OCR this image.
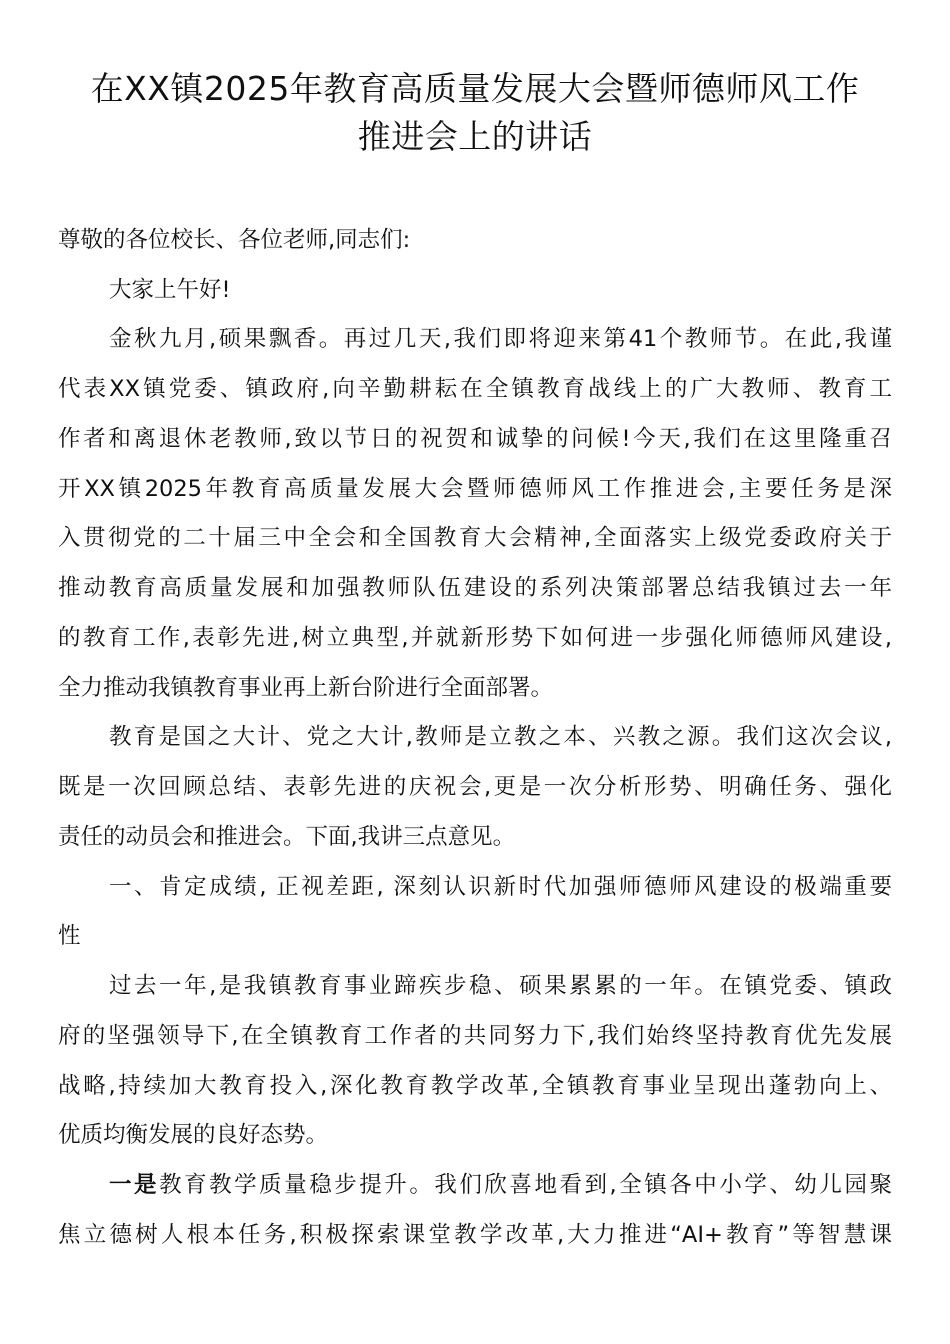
在XX镇2025年教育高质量发展大会暨师德师风工作
推进会上的讲话
尊敬的各位校长、各位老师,同志们:
大家上午好!
金秋九月,硕果飘香。再过几天,我们即将迎来第41个教师节。在此,我谨
代表XX镇党委、镇政府,向辛勤耕耘在全镇教育战线上的广大教师、教育工
作者和离退休老教师,致以节日的祝贺和诚挚的问候!今天,我们在这里隆重召
开XX镇2025年教育高质量发展大会暨师德师风工作推进会,主要任务是深
入贯彻党的二十届三中全会和全国教育大会精神,全面落实上级党委政府关于
推动教育高质量发展和加强教师队伍建设的系列决策部署总结我镇过去一年
的教育工作,表彰先进,树立典型,并就新形势下如何进一步强化师德师风建设,
全力推动我镇教育事业再上新台阶进行全面部署。
教育是国之大计、党之大计,教师是立教之本、兴教之源。我们这次会议,
既是一次回顾总结、表彰先进的庆祝会,更是一次分析形势、明确任务、强化
责任的动员会和推进会。下面,我讲三点意见。
一、肯定成绩, 正视差距, 深刻认识新时代加强师德师风建设的极端重要
性
过去一年,是我镇教育事业蹄疾步稳、硕果累累的一年。在镇党委、镇政
府的坚强领导下,在全镇教育工作者的共同努力下,我们始终坚持教育优先发展
战略,持续加大教育投入,深化教育教学改革,全镇教育事业呈现出蓬勃向上、
优质均衡发展的良好态势。
一是教育教学质量稳步提升。我们欣喜地看到,全镇各中小学、幼儿园聚
焦立德树人根本任务,积极探索课堂教学改革,大力推进“AI+教育”等智慧课
